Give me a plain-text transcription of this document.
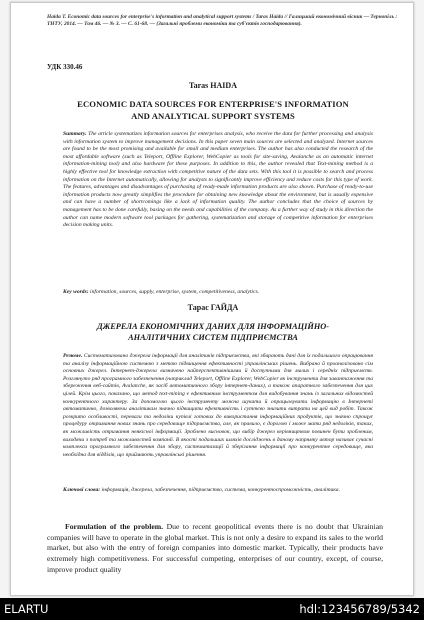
Haida T. Economic data sources for enterprise's information and analytical support systems / Taras Haida // Галицький економічний вісник — Тернопіль : ТНТУ, 2014. — Том 46. — № 3. — С. 61-68. — (Загальні проблеми економіки та суб'єктів господарювання).
УДК 330.46
Taras HAIDA
ECONOMIC DATA SOURCES FOR ENTERPRISE'S INFORMATION AND ANALYTICAL SUPPORT SYSTEMS
Summary. The article systematizes information sources for enterprises analysis, who receive the data for further processing and analysis with information system to improve management decisions. In this paper seven main sources are selected and analyzed. Internet sources are found to be the most promising and available for small and medium enterprises. The author has also conducted the research of the most affordable software (such as Teleport, Offline Explorer, WebCopier as tools for site-saving, Avalanche as an automatic internet information-mining tool) and also hardware for these purposes. In addition to this, the author revealed that Text-mining method is a highly effective tool for knowledge extraction with competitive nature of the data sets. With this tool it is possible to search and process information on the Internet automatically, allowing for analysts to significantly improve efficiency and reduce costs for this type of work. The features, advantages and disadvantages of purchasing of ready-made information products are also shown. Purchase of ready-to-use information products now greatly simplifies the procedure for obtaining new knowledge about the environment, but is usually expensive and can have a number of shortcomings like a lack of information quality. The author concludes that the choice of sources by management has to be done carefully, basing on the needs and capabilities of the company. As a further way of study in this direction the author can name modern software tool packages for gathering, systematization and storage of competitive information for enterprises decision making units.
Key words: information, sources, supply, enterprise, system, competitiveness, analytics.
Тарас ГАЙДА
ДЖЕРЕЛА ЕКОНОМІЧНИХ ДАНИХ ДЛЯ ІНФОРМАЦІЙНО-АНАЛІТИЧНИХ СИСТЕМ ПІДПРИЄМСТВА
Резюме. Систематизовано джерела інформації для аналітиків підприємства, які збирають дані для їх подальшого опрацювання та аналізу інформаційною системою з метою підвищення ефективності управлінських рішень. Вибрано й проаналізовано сім основних джерел. Інтернет-джерела визначено найперспективнішими й доступними для малих і середніх підприємств. Розглянуто ряд програмного забезпечення (наприклад Teleport, Offline Explorer, WebCopier як інструменти для завантаження та збереження веб-сайтів, Avalanche, як засіб автоматичного збору інтернет-даних), а також апаратного забезпечення для цих цілей. Крім цього, показано, що метод text-mining є ефективним інструментом для видобування знань із загальних відомостей конкурентного характеру. За допомогою цього інструменту можна шукати й опрацьовувати інформацію в Інтернеті автоматично, дозволяючи аналітикам значно підвищити ефективність і суттєво знизити витрати на цей вид робіт. Також розкрито особливості, переваги та недоліки купівлі готових до використання інформаційних продуктів, що значно спрощує процедуру отримання нових знань про середовище підприємства, але, як правило, є дорогою і може мати ряд недоліків, таких, як можливість отримання неякісної інформації. Зроблено висновок, що вибір джерел керівництвом повинен бути зробленим, виходячи з потреб та можливостей компанії. В якості подальших шляхів досліджень в даному напрямку автор називає сучасні комплекси програмного забезпечення для збору, систематизації й зберігання інформації про конкурентне середовище, яка необхідна для відділів, що приймають управлінські рішення.
Ключові слова: інформація, джерела, забезпечення, підприємство, система, конкурентоспроможність, аналітика.
Formulation of the problem. Due to recent geopolitical events there is no doubt that Ukrainian companies will have to operate in the global market. This is not only a desire to expand its sales to the world market, but also with the entry of foreign companies into domestic market. Typically, their products have extremely high competitiveness. For successful competing, enterprises of our country, except, of course, improve product quality
ELARTU	hdl:123456789/5342
